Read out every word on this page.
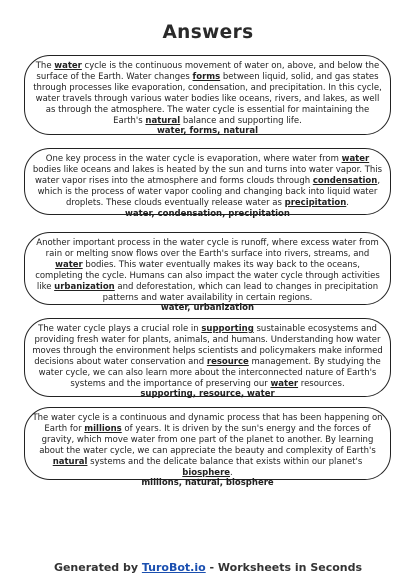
Answers
The water cycle is the continuous movement of water on, above, and below the surface of the Earth. Water changes forms between liquid, solid, and gas states through processes like evaporation, condensation, and precipitation. In this cycle, water travels through various water bodies like oceans, rivers, and lakes, as well as through the atmosphere. The water cycle is essential for maintaining the Earth's natural balance and supporting life.
water, forms, natural
One key process in the water cycle is evaporation, where water from water bodies like oceans and lakes is heated by the sun and turns into water vapor. This water vapor rises into the atmosphere and forms clouds through condensation, which is the process of water vapor cooling and changing back into liquid water droplets. These clouds eventually release water as precipitation.
water, condensation, precipitation
Another important process in the water cycle is runoff, where excess water from rain or melting snow flows over the Earth's surface into rivers, streams, and water bodies. This water eventually makes its way back to the oceans, completing the cycle. Humans can also impact the water cycle through activities like urbanization and deforestation, which can lead to changes in precipitation patterns and water availability in certain regions.
water, urbanization
The water cycle plays a crucial role in supporting sustainable ecosystems and providing fresh water for plants, animals, and humans. Understanding how water moves through the environment helps scientists and policymakers make informed decisions about water conservation and resource management. By studying the water cycle, we can also learn more about the interconnected nature of Earth's systems and the importance of preserving our water resources.
supporting, resource, water
The water cycle is a continuous and dynamic process that has been happening on Earth for millions of years. It is driven by the sun's energy and the forces of gravity, which move water from one part of the planet to another. By learning about the water cycle, we can appreciate the beauty and complexity of Earth's natural systems and the delicate balance that exists within our planet's biosphere.
millions, natural, biosphere
Generated by TuroBot.io - Worksheets in Seconds
